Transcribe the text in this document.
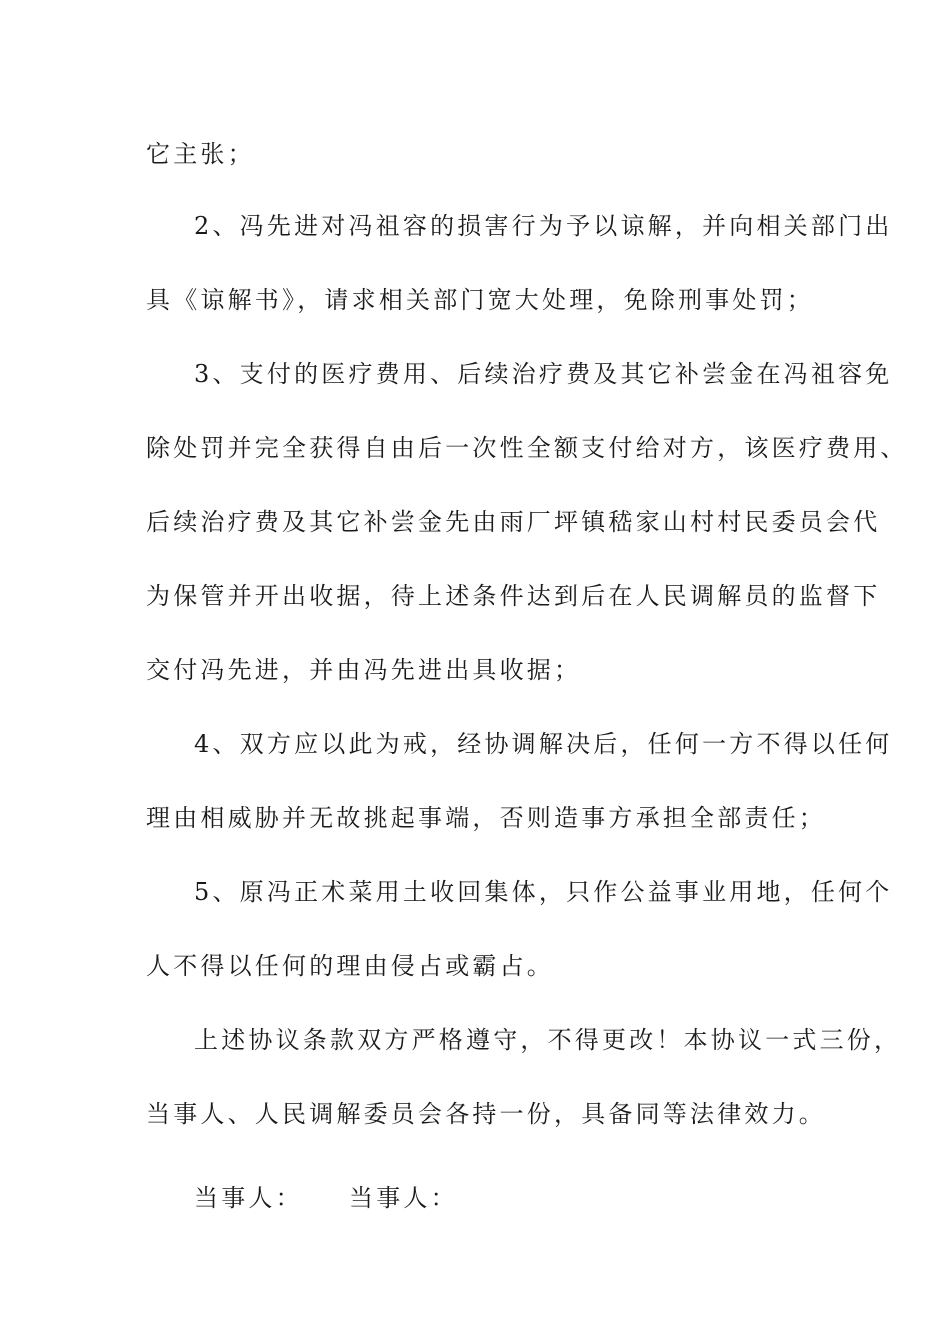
它主张；
2、冯先进对冯祖容的损害行为予以谅解，并向相关部门出
具《谅解书》，请求相关部门宽大处理，免除刑事处罚；
3、支付的医疗费用、后续治疗费及其它补尝金在冯祖容免
除处罚并完全获得自由后一次性全额支付给对方，该医疗费用、
后续治疗费及其它补尝金先由雨厂坪镇嵇家山村村民委员会代
为保管并开出收据，待上述条件达到后在人民调解员的监督下
交付冯先进，并由冯先进出具收据；
4、双方应以此为戒，经协调解决后，任何一方不得以任何
理由相威胁并无故挑起事端，否则造事方承担全部责任；
5、原冯正术菜用土收回集体，只作公益事业用地，任何个
人不得以任何的理由侵占或霸占。
上述协议条款双方严格遵守，不得更改！本协议一式三份，
当事人、人民调解委员会各持一份，具备同等法律效力。
当事人： 当事人：
